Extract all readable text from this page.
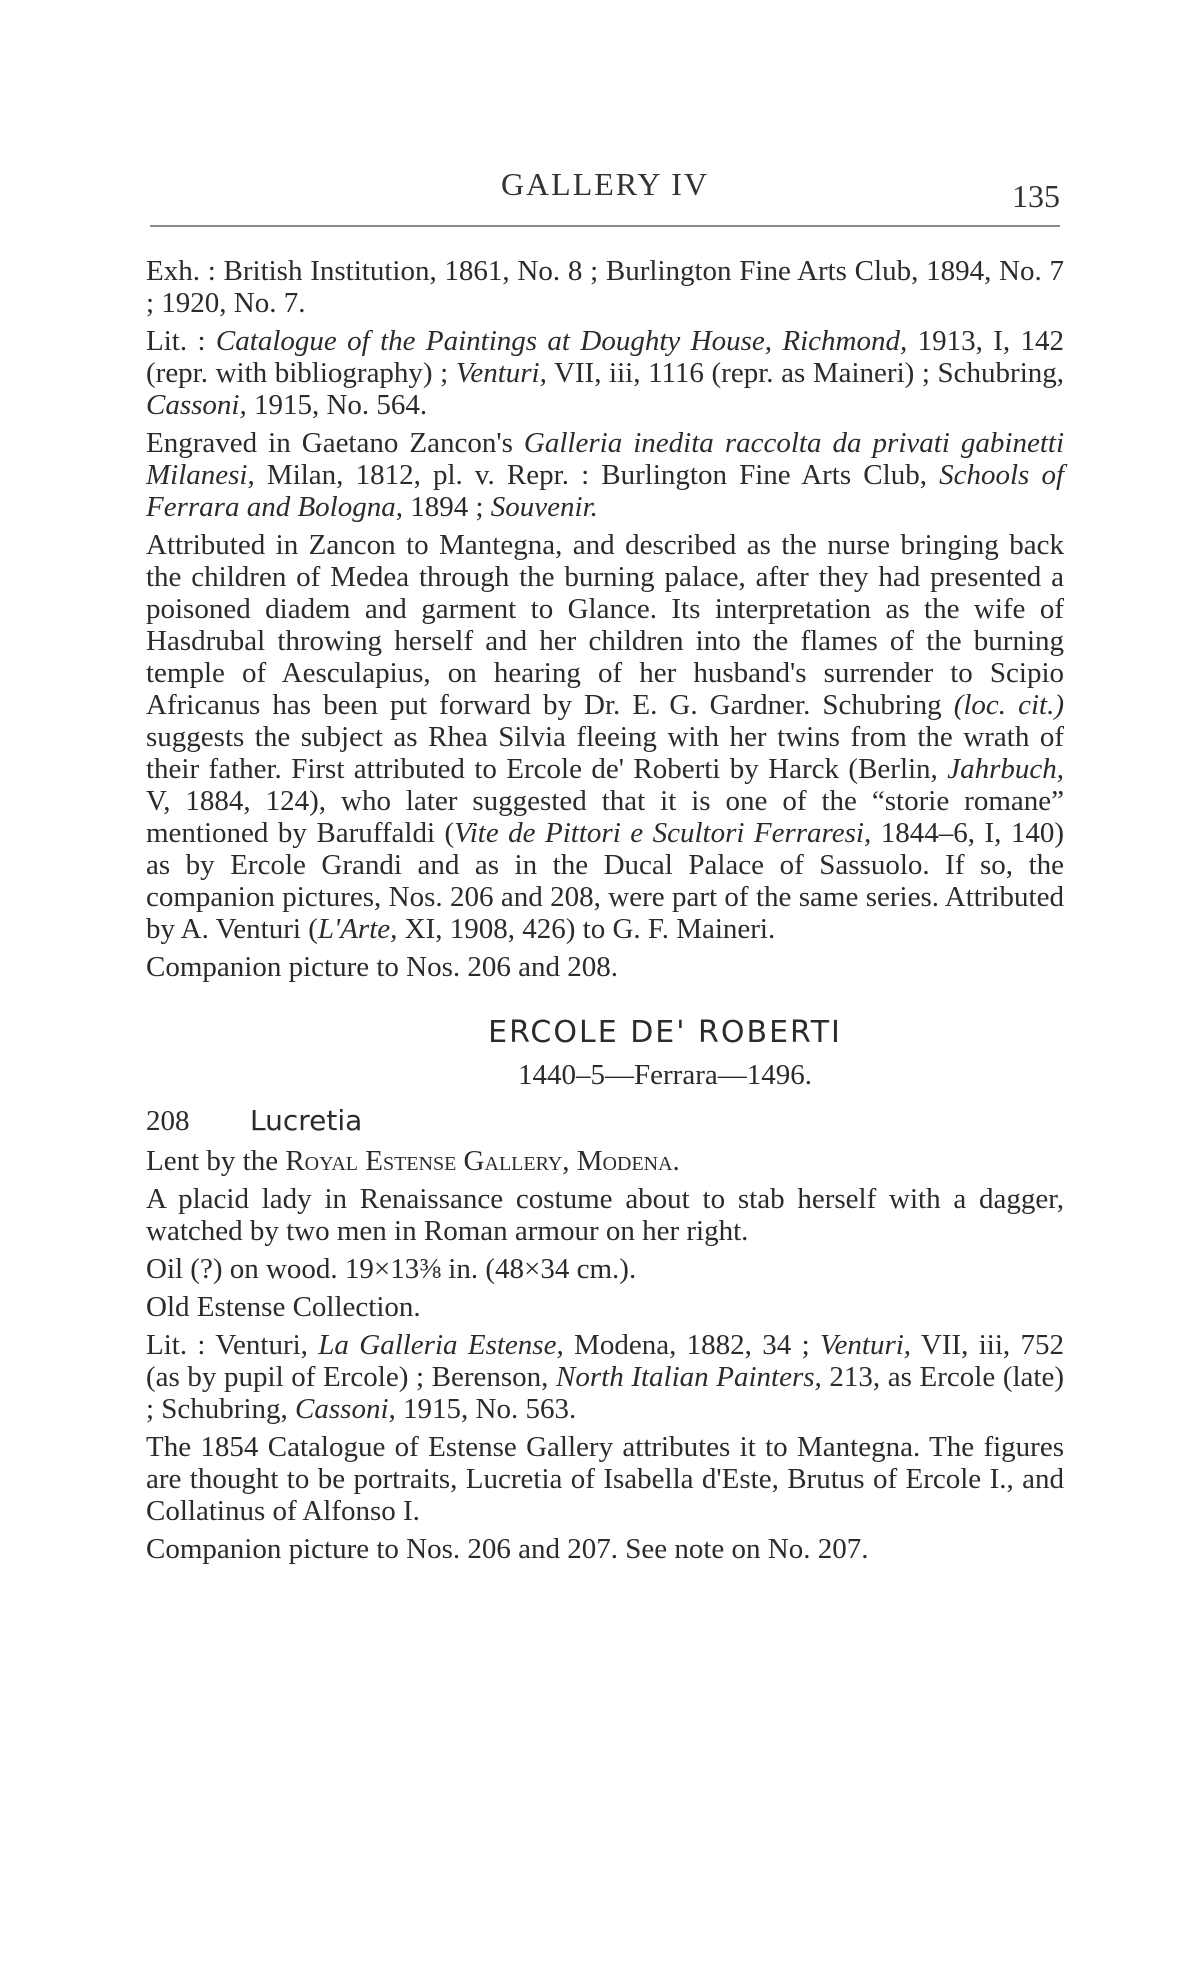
GALLERY IV	135

Exh. : British Institution, 1861, No. 8 ; Burlington Fine Arts Club, 1894, No. 7 ; 1920, No. 7.

Lit. : Catalogue of the Paintings at Doughty House, Richmond, 1913, I, 142 (repr. with bibliography) ; Venturi, VII, iii, 1116 (repr. as Maineri) ; Schubring, Cassoni, 1915, No. 564.

Engraved in Gaetano Zancon's Galleria inedita raccolta da privati gabinetti Milanesi, Milan, 1812, pl. v. Repr. : Burlington Fine Arts Club, Schools of Ferrara and Bologna, 1894 ; Souvenir.

Attributed in Zancon to Mantegna, and described as the nurse bringing back the children of Medea through the burning palace, after they had presented a poisoned diadem and garment to Glance. Its interpretation as the wife of Hasdrubal throwing herself and her children into the flames of the burning temple of Aesculapius, on hearing of her husband's surrender to Scipio Africanus has been put forward by Dr. E. G. Gardner. Schubring (loc. cit.) suggests the subject as Rhea Silvia fleeing with her twins from the wrath of their father. First attributed to Ercole de' Roberti by Harck (Berlin, Jahrbuch, V, 1884, 124), who later suggested that it is one of the “storie romane” mentioned by Baruffaldi (Vite de Pittori e Scultori Ferraresi, 1844–6, I, 140) as by Ercole Grandi and as in the Ducal Palace of Sassuolo. If so, the companion pictures, Nos. 206 and 208, were part of the same series. Attributed by A. Venturi (L'Arte, XI, 1908, 426) to G. F. Maineri.

Companion picture to Nos. 206 and 208.

ERCOLE DE' ROBERTI
1440–5—Ferrara—1496.
208	Lucretia

Lent by the Royal Estense Gallery, Modena.

A placid lady in Renaissance costume about to stab herself with a dagger, watched by two men in Roman armour on her right.

Oil (?) on wood. 19×13⅜ in. (48×34 cm.).

Old Estense Collection.

Lit. : Venturi, La Galleria Estense, Modena, 1882, 34 ; Venturi, VII, iii, 752 (as by pupil of Ercole) ; Berenson, North Italian Painters, 213, as Ercole (late) ; Schubring, Cassoni, 1915, No. 563.

The 1854 Catalogue of Estense Gallery attributes it to Mantegna. The figures are thought to be portraits, Lucretia of Isabella d'Este, Brutus of Ercole I., and Collatinus of Alfonso I.

Companion picture to Nos. 206 and 207. See note on No. 207.
